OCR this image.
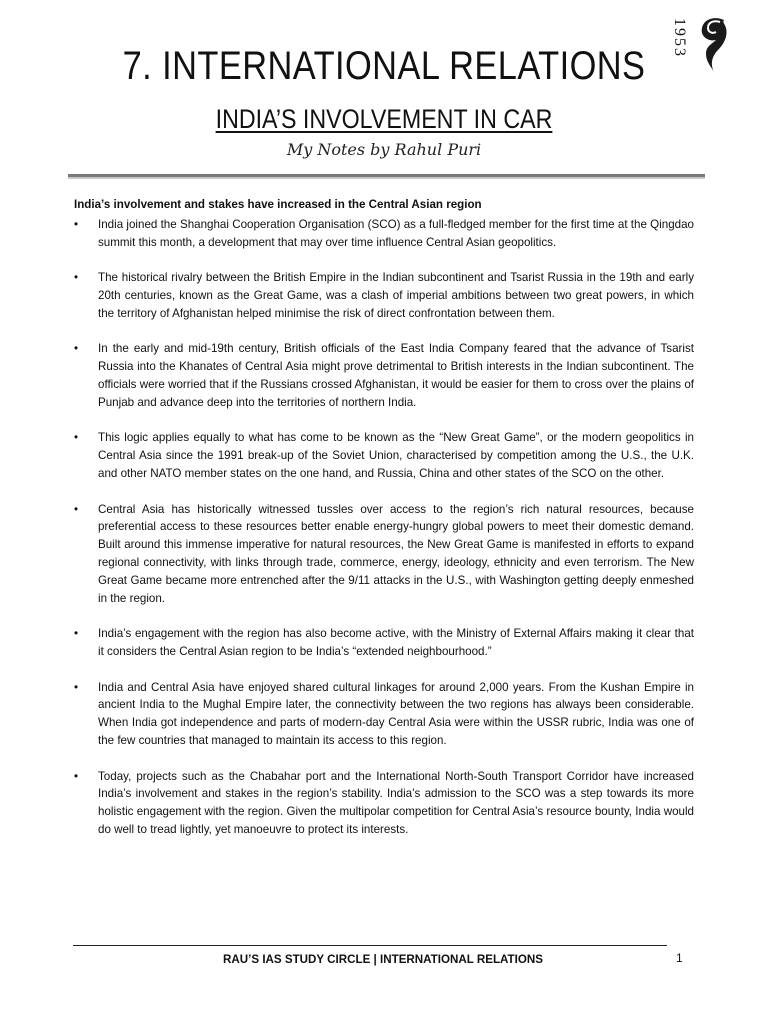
1953
7. INTERNATIONAL RELATIONS
INDIA’S INVOLVEMENT IN CAR
My Notes by Rahul Puri
India’s involvement and stakes have increased in the Central Asian region
• India joined the Shanghai Cooperation Organisation (SCO) as a full-fledged member for the first time at the Qingdao summit this month, a development that may over time influence Central Asian geopolitics.
• The historical rivalry between the British Empire in the Indian subcontinent and Tsarist Russia in the 19th and early 20th centuries, known as the Great Game, was a clash of imperial ambitions between two great powers, in which the territory of Afghanistan helped minimise the risk of direct confrontation between them.
• In the early and mid-19th century, British officials of the East India Company feared that the advance of Tsarist Russia into the Khanates of Central Asia might prove detrimental to British interests in the Indian subcontinent. The officials were worried that if the Russians crossed Afghanistan, it would be easier for them to cross over the plains of Punjab and advance deep into the territories of northern India.
• This logic applies equally to what has come to be known as the “New Great Game”, or the modern geopolitics in Central Asia since the 1991 break-up of the Soviet Union, characterised by competition among the U.S., the U.K. and other NATO member states on the one hand, and Russia, China and other states of the SCO on the other.
• Central Asia has historically witnessed tussles over access to the region’s rich natural resources, because preferential access to these resources better enable energy-hungry global powers to meet their domestic demand. Built around this immense imperative for natural resources, the New Great Game is manifested in efforts to expand regional connectivity, with links through trade, commerce, energy, ideology, ethnicity and even terrorism. The New Great Game became more entrenched after the 9/11 attacks in the U.S., with Washington getting deeply enmeshed in the region.
• India’s engagement with the region has also become active, with the Ministry of External Affairs making it clear that it considers the Central Asian region to be India’s “extended neighbourhood.”
• India and Central Asia have enjoyed shared cultural linkages for around 2,000 years. From the Kushan Empire in ancient India to the Mughal Empire later, the connectivity between the two regions has always been considerable. When India got independence and parts of modern-day Central Asia were within the USSR rubric, India was one of the few countries that managed to maintain its access to this region.
• Today, projects such as the Chabahar port and the International North-South Transport Corridor have increased India’s involvement and stakes in the region’s stability. India’s admission to the SCO was a step towards its more holistic engagement with the region. Given the multipolar competition for Central Asia’s resource bounty, India would do well to tread lightly, yet manoeuvre to protect its interests.
RAU’S IAS STUDY CIRCLE | INTERNATIONAL RELATIONS	1
